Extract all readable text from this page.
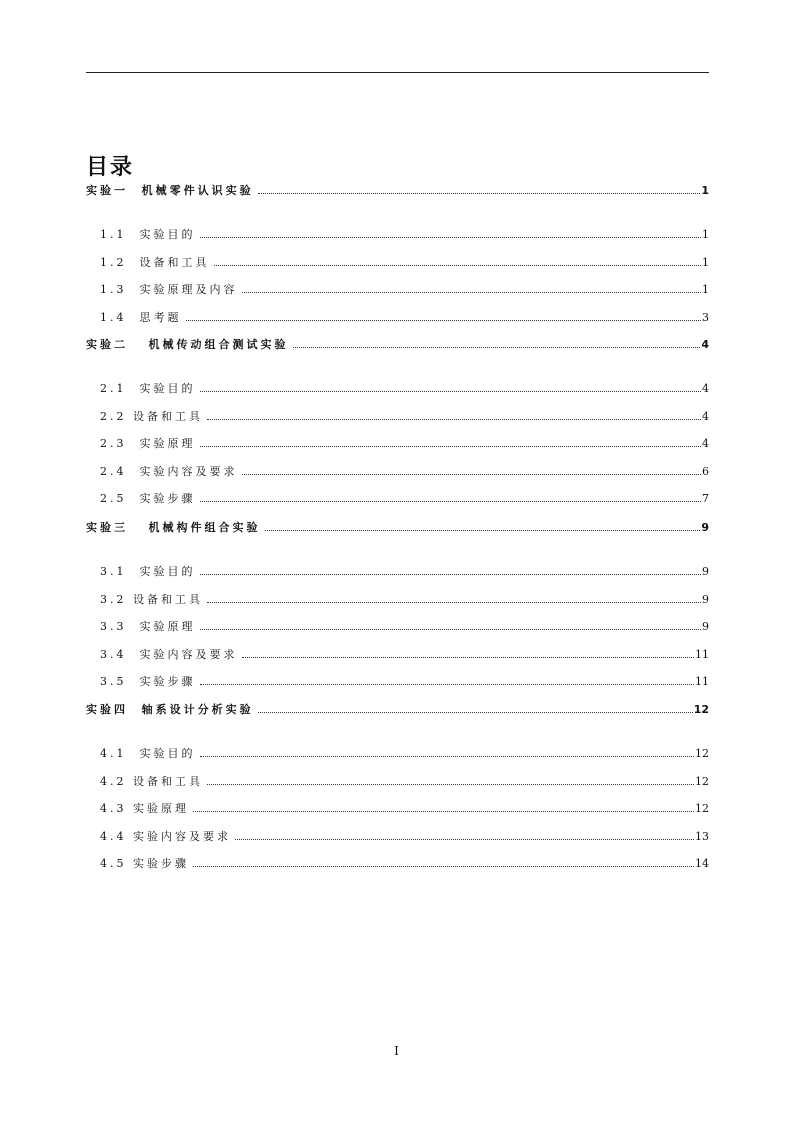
目录
实验一  机械零件认识实验	1
1.1  实验目的	1
1.2  设备和工具	1
1.3  实验原理及内容	1
1.4  思考题	3
实验二   机械传动组合测试实验	4
2.1  实验目的	4
2.2 设备和工具	4
2.3  实验原理	4
2.4  实验内容及要求	6
2.5  实验步骤	7
实验三   机械构件组合实验	9
3.1  实验目的	9
3.2 设备和工具	9
3.3  实验原理	9
3.4  实验内容及要求	11
3.5  实验步骤	11
实验四  轴系设计分析实验	12
4.1  实验目的	12
4.2 设备和工具	12
4.3 实验原理	12
4.4 实验内容及要求	13
4.5 实验步骤	14
I
